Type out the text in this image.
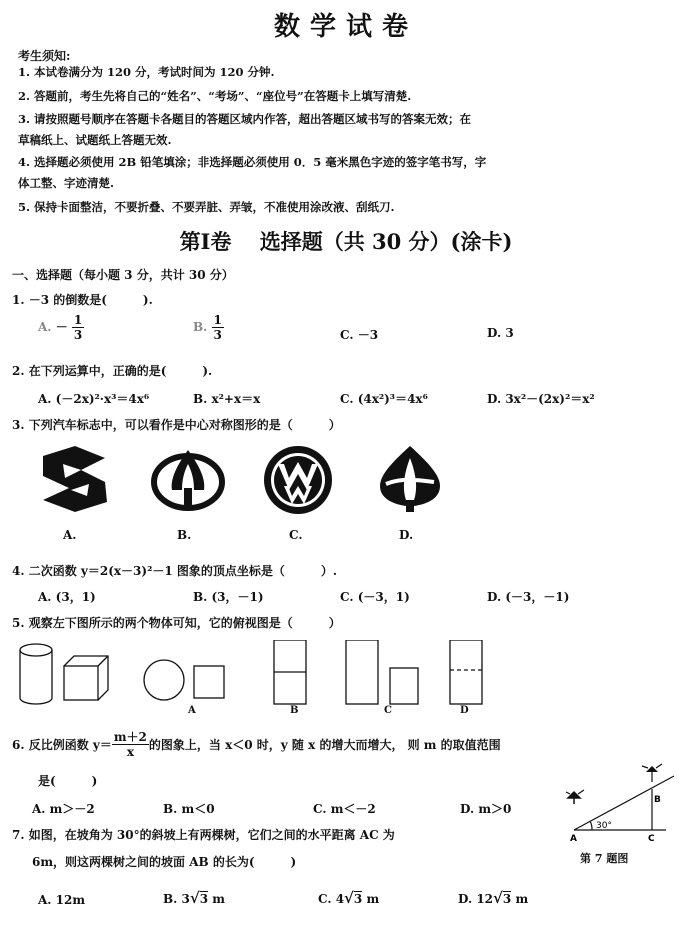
数学试卷
考生须知:
1. 本试卷满分为 120 分，考试时间为 120 分钟.
2. 答题前，考生先将自己的“姓名”、“考场”、“座位号”在答题卡上填写清楚.
3. 请按照题号顺序在答题卡各题目的答题区域内作答，超出答题区域书写的答案无效；在
草稿纸上、试题纸上答题无效.
4. 选择题必须使用 2B 铅笔填涂；非选择题必须使用 0．5 毫米黑色字迹的签字笔书写，字
体工整、字迹清楚.
5. 保持卡面整洁，不要折叠、不要弄脏、弄皱，不准使用涂改液、刮纸刀.
第Ⅰ卷　 选择题（共 30 分）(涂卡)
一、选择题（每小题 3 分，共计 30 分）
1. －3 的倒数是(　　　).
A. － $\frac{1}{3}$	B. $\frac{1}{3}$	C. －3	D. 3
2. 在下列运算中，正确的是(　　　).
A. (－2x)²·x³＝4x⁶	B. x²+x＝x	C. (4x²)³＝4x⁶	D. 3x²－(2x)²＝x²
3. 下列汽车标志中，可以看作是中心对称图形的是（　　　）
A.	B.	C.	D.
4. 二次函数 y＝2(x－3)²－1 图象的顶点坐标是（　　　）.
A. (3，1)	B. (3，－1)	C. (－3，1)	D. (－3，－1)
5. 观察左下图所示的两个物体可知，它的俯视图是（　　　）
A	B	C	D
6. 反比例函数 $y= \frac{m+2}{x}$ 的图象上，当 x＜0 时，y 随 x 的增大而增大， 则 m 的取值范围
是(　　　)
A. m＞－2	B. m＜0	C. m＜－2	D. m＞0
7. 如图，在坡角为 30°的斜坡上有两棵树，它们之间的水平距离 AC 为
6m，则这两棵树之间的坡面 AB 的长为(　　　)
A. 12m	B. 3√3 m	C. 4√3 m	D. 12√3 m
30°
A
B
C
第 7 题图
